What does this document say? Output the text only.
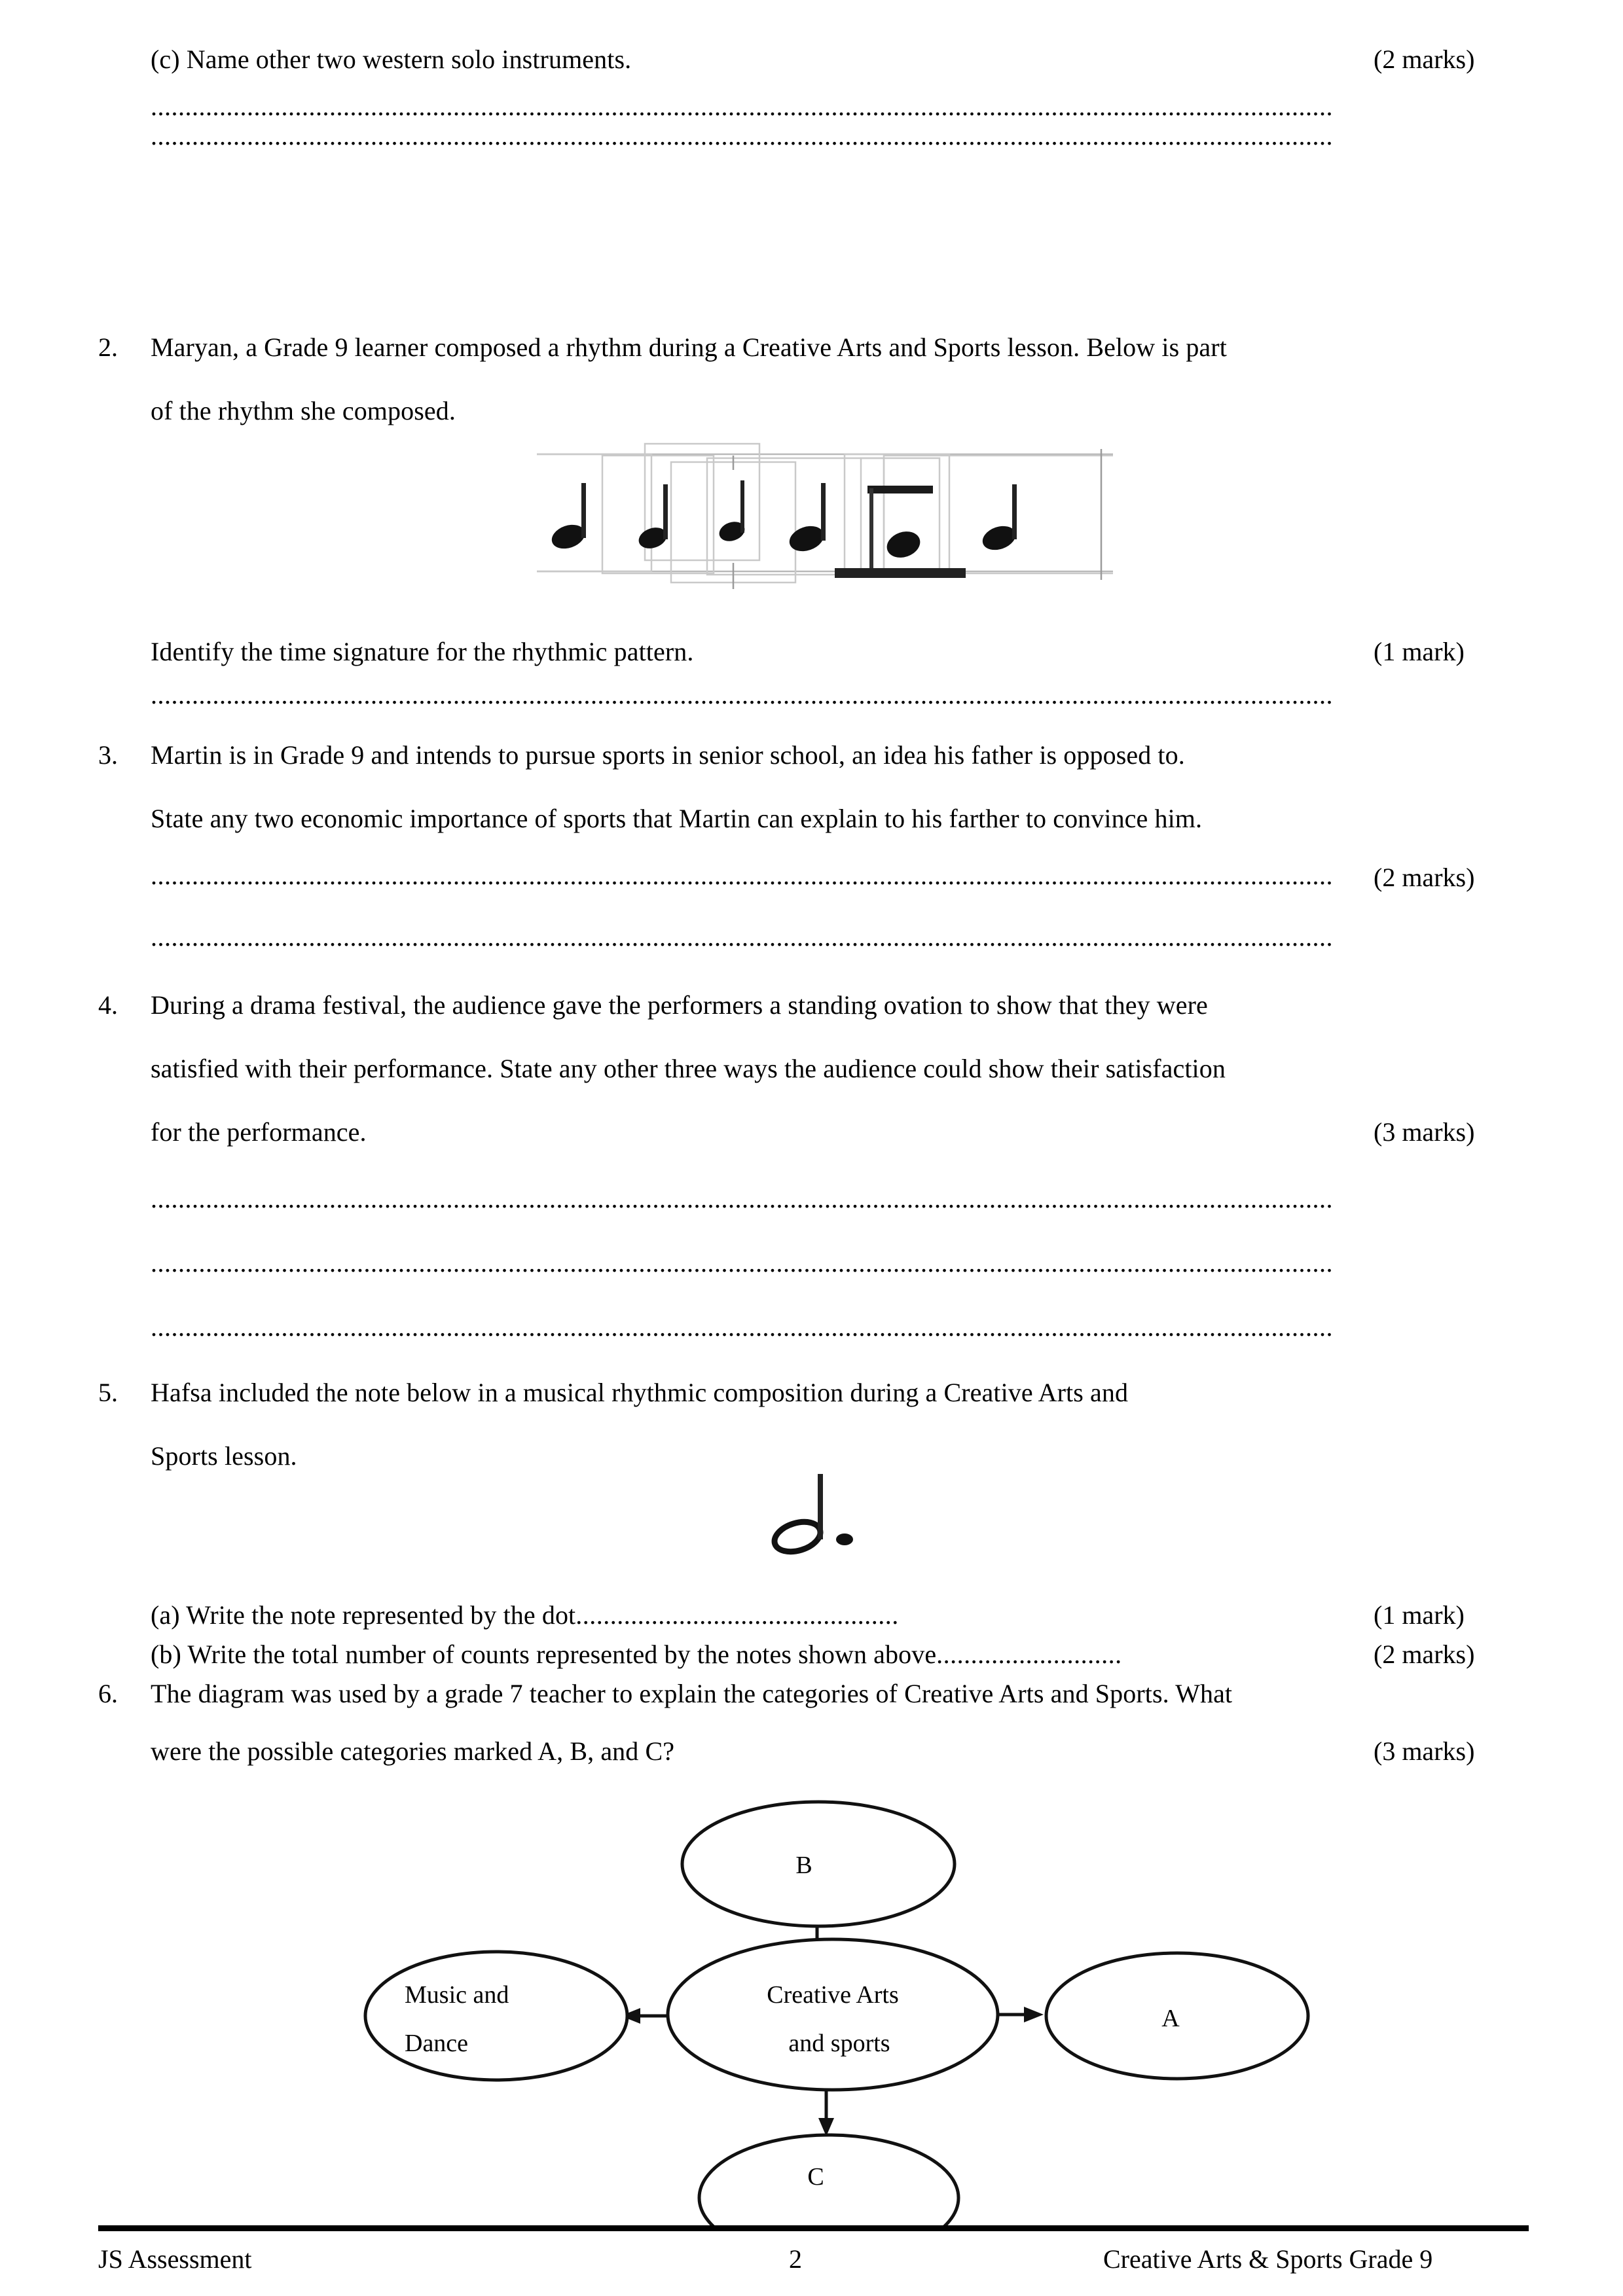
(c) Name other two western solo instruments.	(2 marks)
.....
.....
2. Maryan, a Grade 9 learner composed a rhythm during a Creative Arts and Sports lesson. Below is part
of the rhythm she composed.
Identify the time signature for the rhythmic pattern.	(1 mark)
.....
3. Martin is in Grade 9 and intends to pursue sports in senior school, an idea his father is opposed to.
State any two economic importance of sports that Martin can explain to his farther to convince him.
.....
(2 marks)
.....
4. During a drama festival, the audience gave the performers a standing ovation to show that they were
satisfied with their performance. State any other three ways the audience could show their satisfaction
for the performance.	(3 marks)
.....
.....
.....
5. Hafsa included the note below in a musical rhythmic composition during a Creative Arts and
Sports lesson.
(a) Write the note represented by the dot...............................................	(1 mark)
(b) Write the total number of counts represented by the notes shown above...........................	(2 marks)
6. The diagram was used by a grade 7 teacher to explain the categories of Creative Arts and Sports. What
were the possible categories marked A, B, and C?	(3 marks)
B
Music and
Dance
Creative Arts
and sports
A
C
JS Assessment	2	Creative Arts & Sports Grade 9
